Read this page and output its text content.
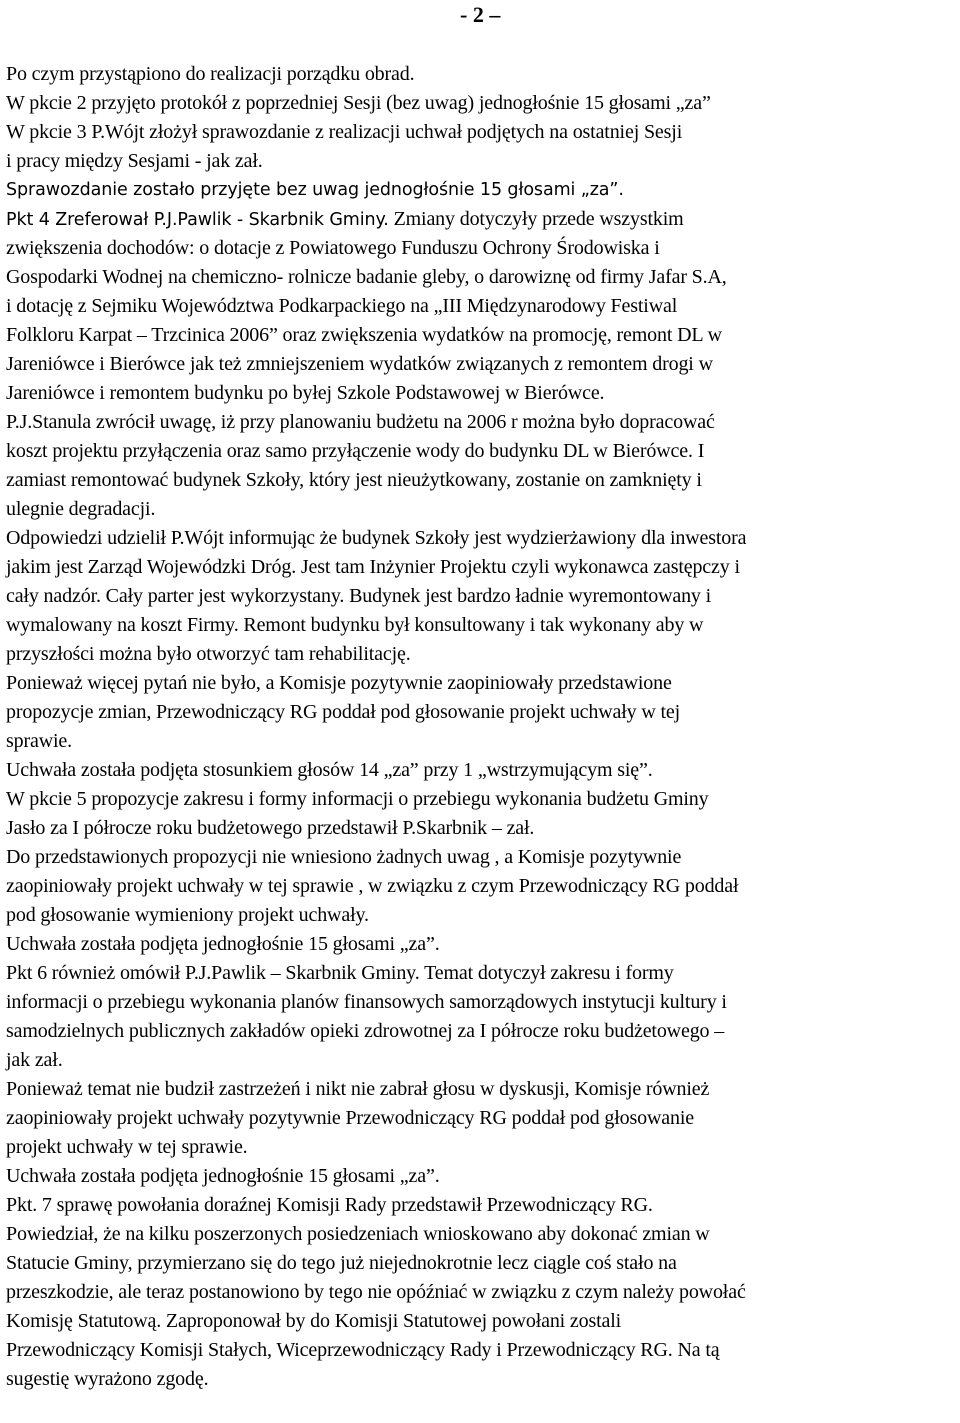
- 2 –
Po czym przystąpiono do realizacji porządku obrad.
W pkcie 2 przyjęto protokół z poprzedniej Sesji (bez uwag) jednogłośnie 15 głosami „za”
W pkcie 3 P.Wójt złożył sprawozdanie z realizacji uchwał podjętych na ostatniej Sesji
i pracy między Sesjami - jak zał.
Sprawozdanie zostało przyjęte bez uwag jednogłośnie 15 głosami „za”.
Pkt 4 Zreferował P.J.Pawlik - Skarbnik Gminy. Zmiany dotyczyły przede wszystkim
zwiększenia dochodów: o dotacje z Powiatowego Funduszu Ochrony Środowiska i
Gospodarki Wodnej na chemiczno- rolnicze badanie gleby, o darowiznę od firmy Jafar S.A,
i dotację z Sejmiku Województwa Podkarpackiego na „III Międzynarodowy Festiwal
Folkloru Karpat – Trzcinica 2006” oraz zwiększenia wydatków na promocję, remont DL w
Jareniówce i Bierówce jak też zmniejszeniem wydatków związanych z remontem drogi w
Jareniówce i remontem budynku po byłej Szkole Podstawowej w Bierówce.
P.J.Stanula zwrócił uwagę, iż przy planowaniu budżetu na 2006 r można było dopracować
koszt projektu przyłączenia oraz samo przyłączenie wody do budynku DL w Bierówce. I
zamiast remontować budynek Szkoły, który jest nieużytkowany, zostanie on zamknięty i
ulegnie degradacji.
Odpowiedzi udzielił P.Wójt informując że budynek Szkoły jest wydzierżawiony dla inwestora
jakim jest Zarząd Wojewódzki Dróg. Jest tam Inżynier Projektu czyli wykonawca zastępczy i
cały nadzór. Cały parter jest wykorzystany. Budynek jest bardzo ładnie wyremontowany i
wymalowany na koszt Firmy. Remont budynku był konsultowany i tak wykonany aby w
przyszłości można było otworzyć tam rehabilitację.
Ponieważ więcej pytań nie było, a Komisje pozytywnie zaopiniowały przedstawione
propozycje zmian, Przewodniczący RG poddał pod głosowanie projekt uchwały w tej
sprawie.
Uchwała została podjęta stosunkiem głosów 14 „za” przy 1 „wstrzymującym się”.
W pkcie 5 propozycje zakresu i formy informacji o przebiegu wykonania budżetu Gminy
Jasło za I półrocze roku budżetowego przedstawił P.Skarbnik – zał.
Do przedstawionych propozycji nie wniesiono żadnych uwag , a Komisje pozytywnie
zaopiniowały projekt uchwały w tej sprawie , w związku z czym Przewodniczący RG poddał
pod głosowanie wymieniony projekt uchwały.
Uchwała została podjęta jednogłośnie 15 głosami „za”.
Pkt 6 również omówił P.J.Pawlik – Skarbnik Gminy. Temat dotyczył zakresu i formy
informacji o przebiegu wykonania planów finansowych samorządowych instytucji kultury i
samodzielnych publicznych zakładów opieki zdrowotnej za I półrocze roku budżetowego –
jak zał.
Ponieważ temat nie budził zastrzeżeń i nikt nie zabrał głosu w dyskusji, Komisje również
zaopiniowały projekt uchwały pozytywnie Przewodniczący RG poddał pod głosowanie
projekt uchwały w tej sprawie.
Uchwała została podjęta jednogłośnie 15 głosami „za”.
Pkt. 7 sprawę powołania doraźnej Komisji Rady przedstawił Przewodniczący RG.
Powiedział, że na kilku poszerzonych posiedzeniach wnioskowano aby dokonać zmian w
Statucie Gminy, przymierzano się do tego już niejednokrotnie lecz ciągle coś stało na
przeszkodzie, ale teraz postanowiono by tego nie opóźniać w związku z czym należy powołać
Komisję Statutową. Zaproponował by do Komisji Statutowej powołani zostali
Przewodniczący Komisji Stałych, Wiceprzewodniczący Rady i Przewodniczący RG. Na tą
sugestię wyrażono zgodę.
